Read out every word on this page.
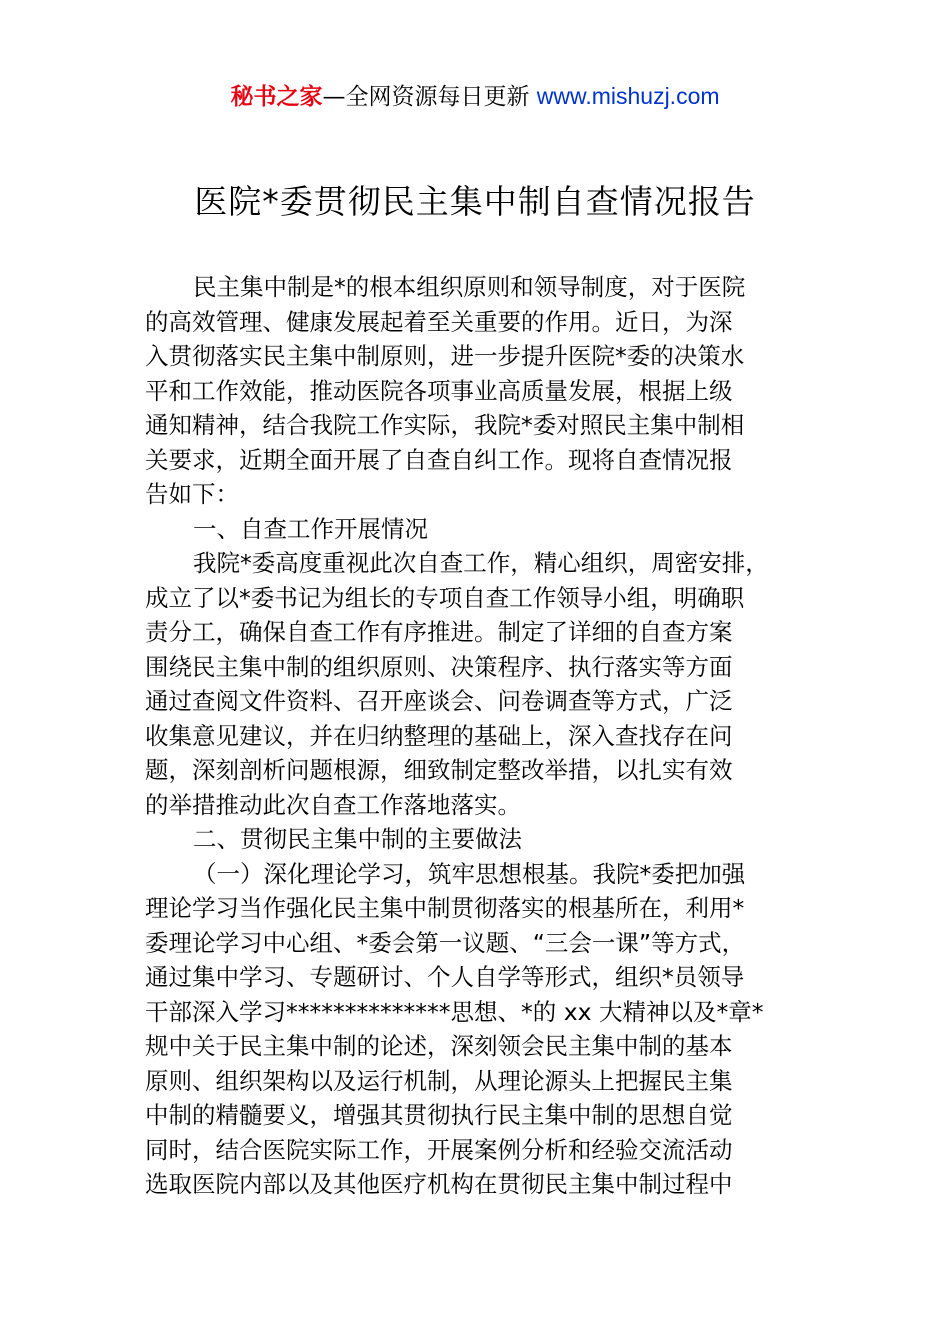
秘书之家—全网资源每日更新 www.mishuzj.com
医院*委贯彻民主集中制自查情况报告
民主集中制是*的根本组织原则和领导制度，对于医院
的高效管理、健康发展起着至关重要的作用。近日，为深
入贯彻落实民主集中制原则，进一步提升医院*委的决策水
平和工作效能，推动医院各项事业高质量发展，根据上级
通知精神，结合我院工作实际，我院*委对照民主集中制相
关要求，近期全面开展了自查自纠工作。现将自查情况报
告如下：
一、自查工作开展情况
我院*委高度重视此次自查工作，精心组织，周密安排，
成立了以*委书记为组长的专项自查工作领导小组，明确职
责分工，确保自查工作有序推进。制定了详细的自查方案
围绕民主集中制的组织原则、决策程序、执行落实等方面
通过查阅文件资料、召开座谈会、问卷调查等方式，广泛
收集意见建议，并在归纳整理的基础上，深入查找存在问
题，深刻剖析问题根源，细致制定整改举措，以扎实有效
的举措推动此次自查工作落地落实。
二、贯彻民主集中制的主要做法
（一）深化理论学习，筑牢思想根基。我院*委把加强
理论学习当作强化民主集中制贯彻落实的根基所在，利用*
委理论学习中心组、*委会第一议题、“三会一课”等方式，
通过集中学习、专题研讨、个人自学等形式，组织*员领导
干部深入学习**************思想、*的 xx 大精神以及*章*
规中关于民主集中制的论述，深刻领会民主集中制的基本
原则、组织架构以及运行机制，从理论源头上把握民主集
中制的精髓要义，增强其贯彻执行民主集中制的思想自觉
同时，结合医院实际工作，开展案例分析和经验交流活动
选取医院内部以及其他医疗机构在贯彻民主集中制过程中
